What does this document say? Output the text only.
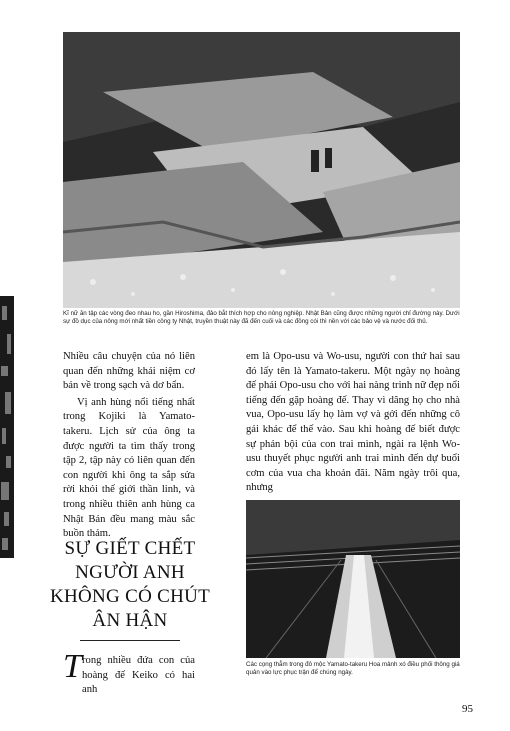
Kĩ nữ ăn tập các vòng đeo nhau ho, gần Hiroshima, đảo bắt thích hợp cho nông nghiệp. Nhật Bản cũng được những người chỉ đường này. Dưới sự đồ dục của nông mới nhất tiền công ty Nhật, truyền thuật này đã đến cuối và các đồng cói thì nền với các bảo vệ và nước đối thủ.

Nhiều câu chuyện của nó liên quan đến những khái niệm cơ bản về trong sạch và dơ bẩn.

Vị anh hùng nổi tiếng nhất trong Kojiki là Yamato- takeru. Lịch sử của ông ta được người ta tìm thấy trong tập 2, tập này có liên quan đến con người khi ông ta sắp sửa rời khỏi thế giới thần linh, và trong nhiều thiên anh hùng ca Nhật Bản đều mang màu sắc buồn thảm.

SỰ GIẾT CHẾT
NGƯỜI ANH
KHÔNG CÓ CHÚT
ÂN HẬN
T rong nhiều đứa con của hoàng đế Keiko có hai anh
em là Opo-usu và Wo-usu, người con thứ hai sau đó lấy tên là Yamato-takeru. Một ngày nọ hoàng đế phái Opo-usu cho với hai nàng trinh nữ đẹp nổi tiếng đến gặp hoàng đế. Thay vì dâng họ cho nhà vua, Opo-usu lấy họ làm vợ và gởi đến những cô gái khác để thế vào. Sau khi hoàng đế biết được sự phản bội của con trai mình, ngài ra lệnh Wo-usu thuyết phục người anh trai mình đến dự buổi cơm của vua cha khoản đãi. Năm ngày trôi qua, nhưng
Các cọng thẳm trong đô mộc Yamato-takeru Hoa mảnh xó điều phối thông giá quân vào lực phục trận để chúng ngày.
95
